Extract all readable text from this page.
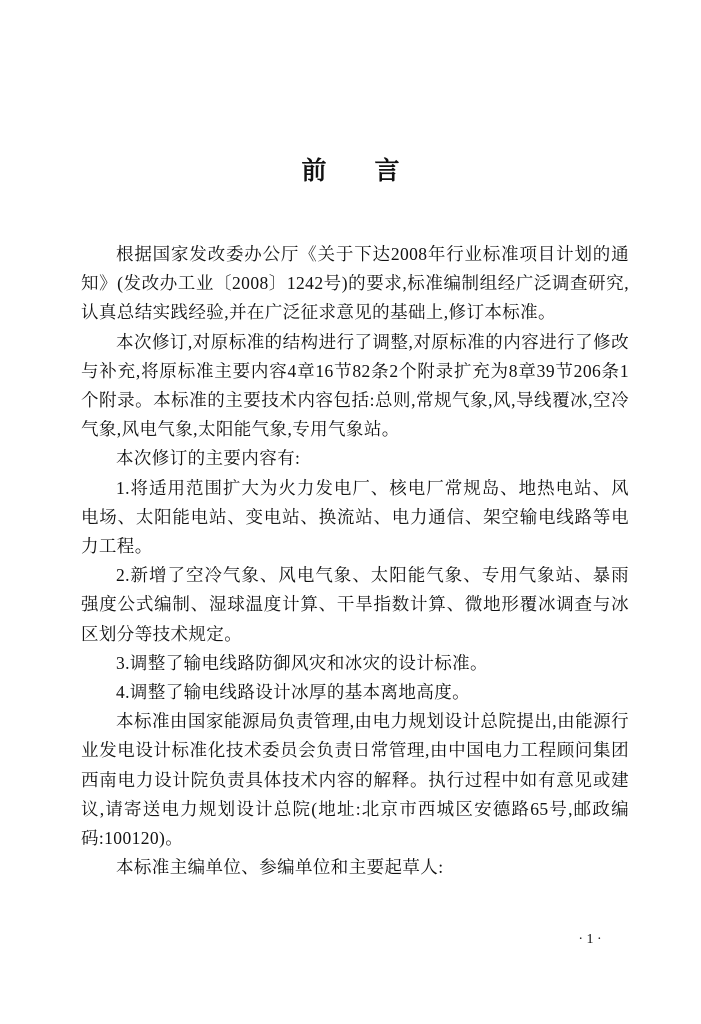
前言

根据国家发改委办公厅《关于下达2008年行业标准项目计划的通知》(发改办工业〔2008〕1242号)的要求,标准编制组经广泛调查研究,认真总结实践经验,并在广泛征求意见的基础上,修订本标准。

本次修订,对原标准的结构进行了调整,对原标准的内容进行了修改与补充,将原标准主要内容4章16节82条2个附录扩充为8章39节206条1个附录。本标准的主要技术内容包括:总则,常规气象,风,导线覆冰,空冷气象,风电气象,太阳能气象,专用气象站。

本次修订的主要内容有:

1.将适用范围扩大为火力发电厂、核电厂常规岛、地热电站、风电场、太阳能电站、变电站、换流站、电力通信、架空输电线路等电力工程。

2.新增了空冷气象、风电气象、太阳能气象、专用气象站、暴雨强度公式编制、湿球温度计算、干旱指数计算、微地形覆冰调查与冰区划分等技术规定。

3.调整了输电线路防御风灾和冰灾的设计标准。

4.调整了输电线路设计冰厚的基本离地高度。

本标准由国家能源局负责管理,由电力规划设计总院提出,由能源行业发电设计标准化技术委员会负责日常管理,由中国电力工程顾问集团西南电力设计院负责具体技术内容的解释。执行过程中如有意见或建议,请寄送电力规划设计总院(地址:北京市西城区安德路65号,邮政编码:100120)。

本标准主编单位、参编单位和主要起草人:

· 1 ·
